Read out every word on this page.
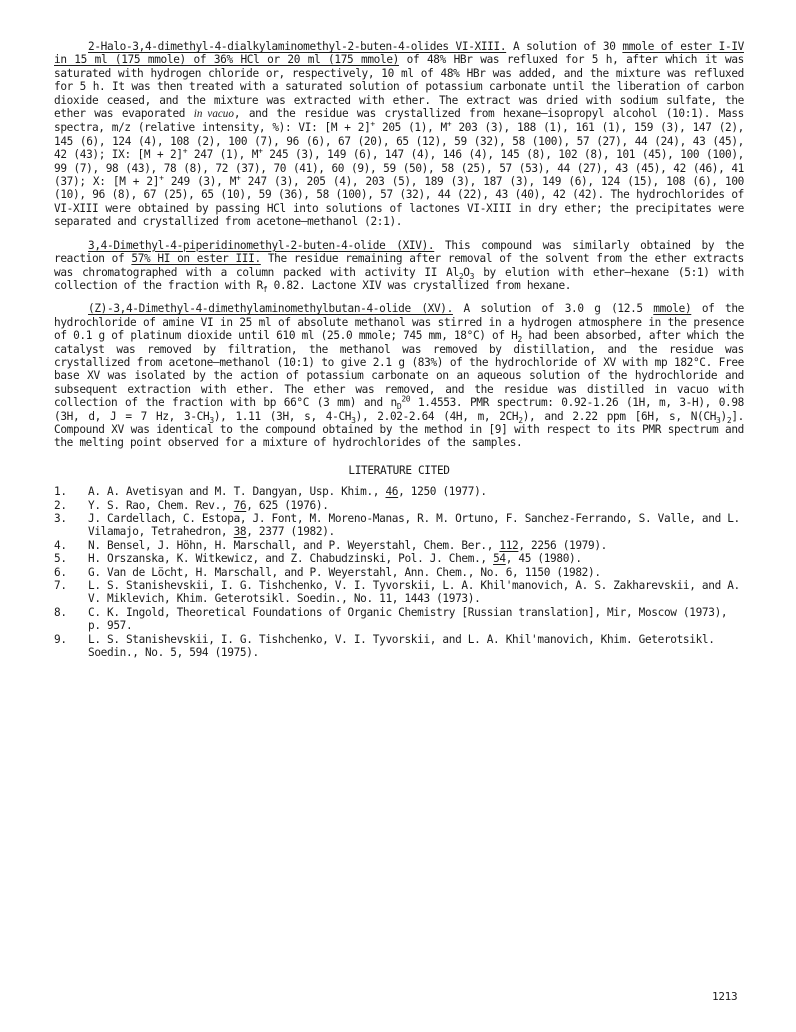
2-Halo-3,4-dimethyl-4-dialkylaminomethyl-2-buten-4-olides VI-XIII. A solution of 30 mmole of ester I-IV in 15 ml (175 mmole) of 36% HCl or 20 ml (175 mmole) of 48% HBr was refluxed for 5 h, after which it was saturated with hydrogen chloride or, respectively, 10 ml of 48% HBr was added, and the mixture was refluxed for 5 h. It was then treated with a saturated solution of potassium carbonate until the liberation of carbon dioxide ceased, and the mixture was extracted with ether. The extract was dried with sodium sulfate, the ether was evaporated in vacuo, and the residue was crystallized from hexane–isopropyl alcohol (10:1). Mass spectra, m/z (relative intensity, %): VI: [M + 2]+ 205 (1), M+ 203 (3), 188 (1), 161 (1), 159 (3), 147 (2), 145 (6), 124 (4), 108 (2), 100 (7), 96 (6), 67 (20), 65 (12), 59 (32), 58 (100), 57 (27), 44 (24), 43 (45), 42 (43); IX: [M + 2]+ 247 (1), M+ 245 (3), 149 (6), 147 (4), 146 (4), 145 (8), 102 (8), 101 (45), 100 (100), 99 (7), 98 (43), 78 (8), 72 (37), 70 (41), 60 (9), 59 (50), 58 (25), 57 (53), 44 (27), 43 (45), 42 (46), 41 (37); X: [M + 2]+ 249 (3), M+ 247 (3), 205 (4), 203 (5), 189 (3), 187 (3), 149 (6), 124 (15), 108 (6), 100 (10), 96 (8), 67 (25), 65 (10), 59 (36), 58 (100), 57 (32), 44 (22), 43 (40), 42 (42). The hydrochlorides of VI-XIII were obtained by passing HCl into solutions of lactones VI-XIII in dry ether; the precipitates were separated and crystallized from acetone–methanol (2:1).

3,4-Dimethyl-4-piperidinomethyl-2-buten-4-olide (XIV). This compound was similarly obtained by the reaction of 57% HI on ester III. The residue remaining after removal of the solvent from the ether extracts was chromatographed with a column packed with activity II $Al_2O_3$ by elution with ether–hexane (5:1) with collection of the fraction with $R_f$ 0.82. Lactone XIV was crystallized from hexane.

(Z)-3,4-Dimethyl-4-dimethylaminomethylbutan-4-olide (XV). A solution of 3.0 g (12.5 mmole) of the hydrochloride of amine VI in 25 ml of absolute methanol was stirred in a hydrogen atmosphere in the presence of 0.1 g of platinum dioxide until 610 ml (25.0 mmole; 745 mm, 18°C) of $H_2$ had been absorbed, after which the catalyst was removed by filtration, the methanol was removed by distillation, and the residue was crystallized from acetone–methanol (10:1) to give 2.1 g (83%) of the hydrochloride of XV with mp 182°C. Free base XV was isolated by the action of potassium carbonate on an aqueous solution of the hydrochloride and subsequent extraction with ether. The ether was removed, and the residue was distilled in vacuo with collection of the fraction with bp 66°C (3 mm) and $n_D^{20}$ 1.4553. PMR spectrum: 0.92-1.26 (1H, m, 3-H), 0.98 (3H, d, J = 7 Hz, $3-CH_3$), 1.11 (3H, s, $4-CH_3$), 2.02-2.64 (4H, m, $2CH_2$), and 2.22 ppm [6H, s, $N(CH_3)_2$]. Compound XV was identical to the compound obtained by the method in [9] with respect to its PMR spectrum and the melting point observed for a mixture of hydrochlorides of the samples.

LITERATURE CITED
1.	A. A. Avetisyan and M. T. Dangyan, Usp. Khim., 46, 1250 (1977).
2.	Y. S. Rao, Chem. Rev., 76, 625 (1976).
3.	J. Cardellach, C. Estopa, J. Font, M. Moreno-Manas, R. M. Ortuno, F. Sanchez-Ferrando, S. Valle, and L. Vilamajo, Tetrahedron, 38, 2377 (1982).
4.	N. Bensel, J. Höhn, H. Marschall, and P. Weyerstahl, Chem. Ber., 112, 2256 (1979).
5.	H. Orszanska, K. Witkewicz, and Z. Chabudzinski, Pol. J. Chem., 54, 45 (1980).
6.	G. Van de Löcht, H. Marschall, and P. Weyerstahl, Ann. Chem., No. 6, 1150 (1982).
7.	L. S. Stanishevskii, I. G. Tishchenko, V. I. Tyvorskii, L. A. Khil'manovich, A. S. Zakharevskii, and A. V. Miklevich, Khim. Geterotsikl. Soedin., No. 11, 1443 (1973).
8.	C. K. Ingold, Theoretical Foundations of Organic Chemistry [Russian translation], Mir, Moscow (1973), p. 957.
9.	L. S. Stanishevskii, I. G. Tishchenko, V. I. Tyvorskii, and L. A. Khil'manovich, Khim. Geterotsikl. Soedin., No. 5, 594 (1975).
1213
